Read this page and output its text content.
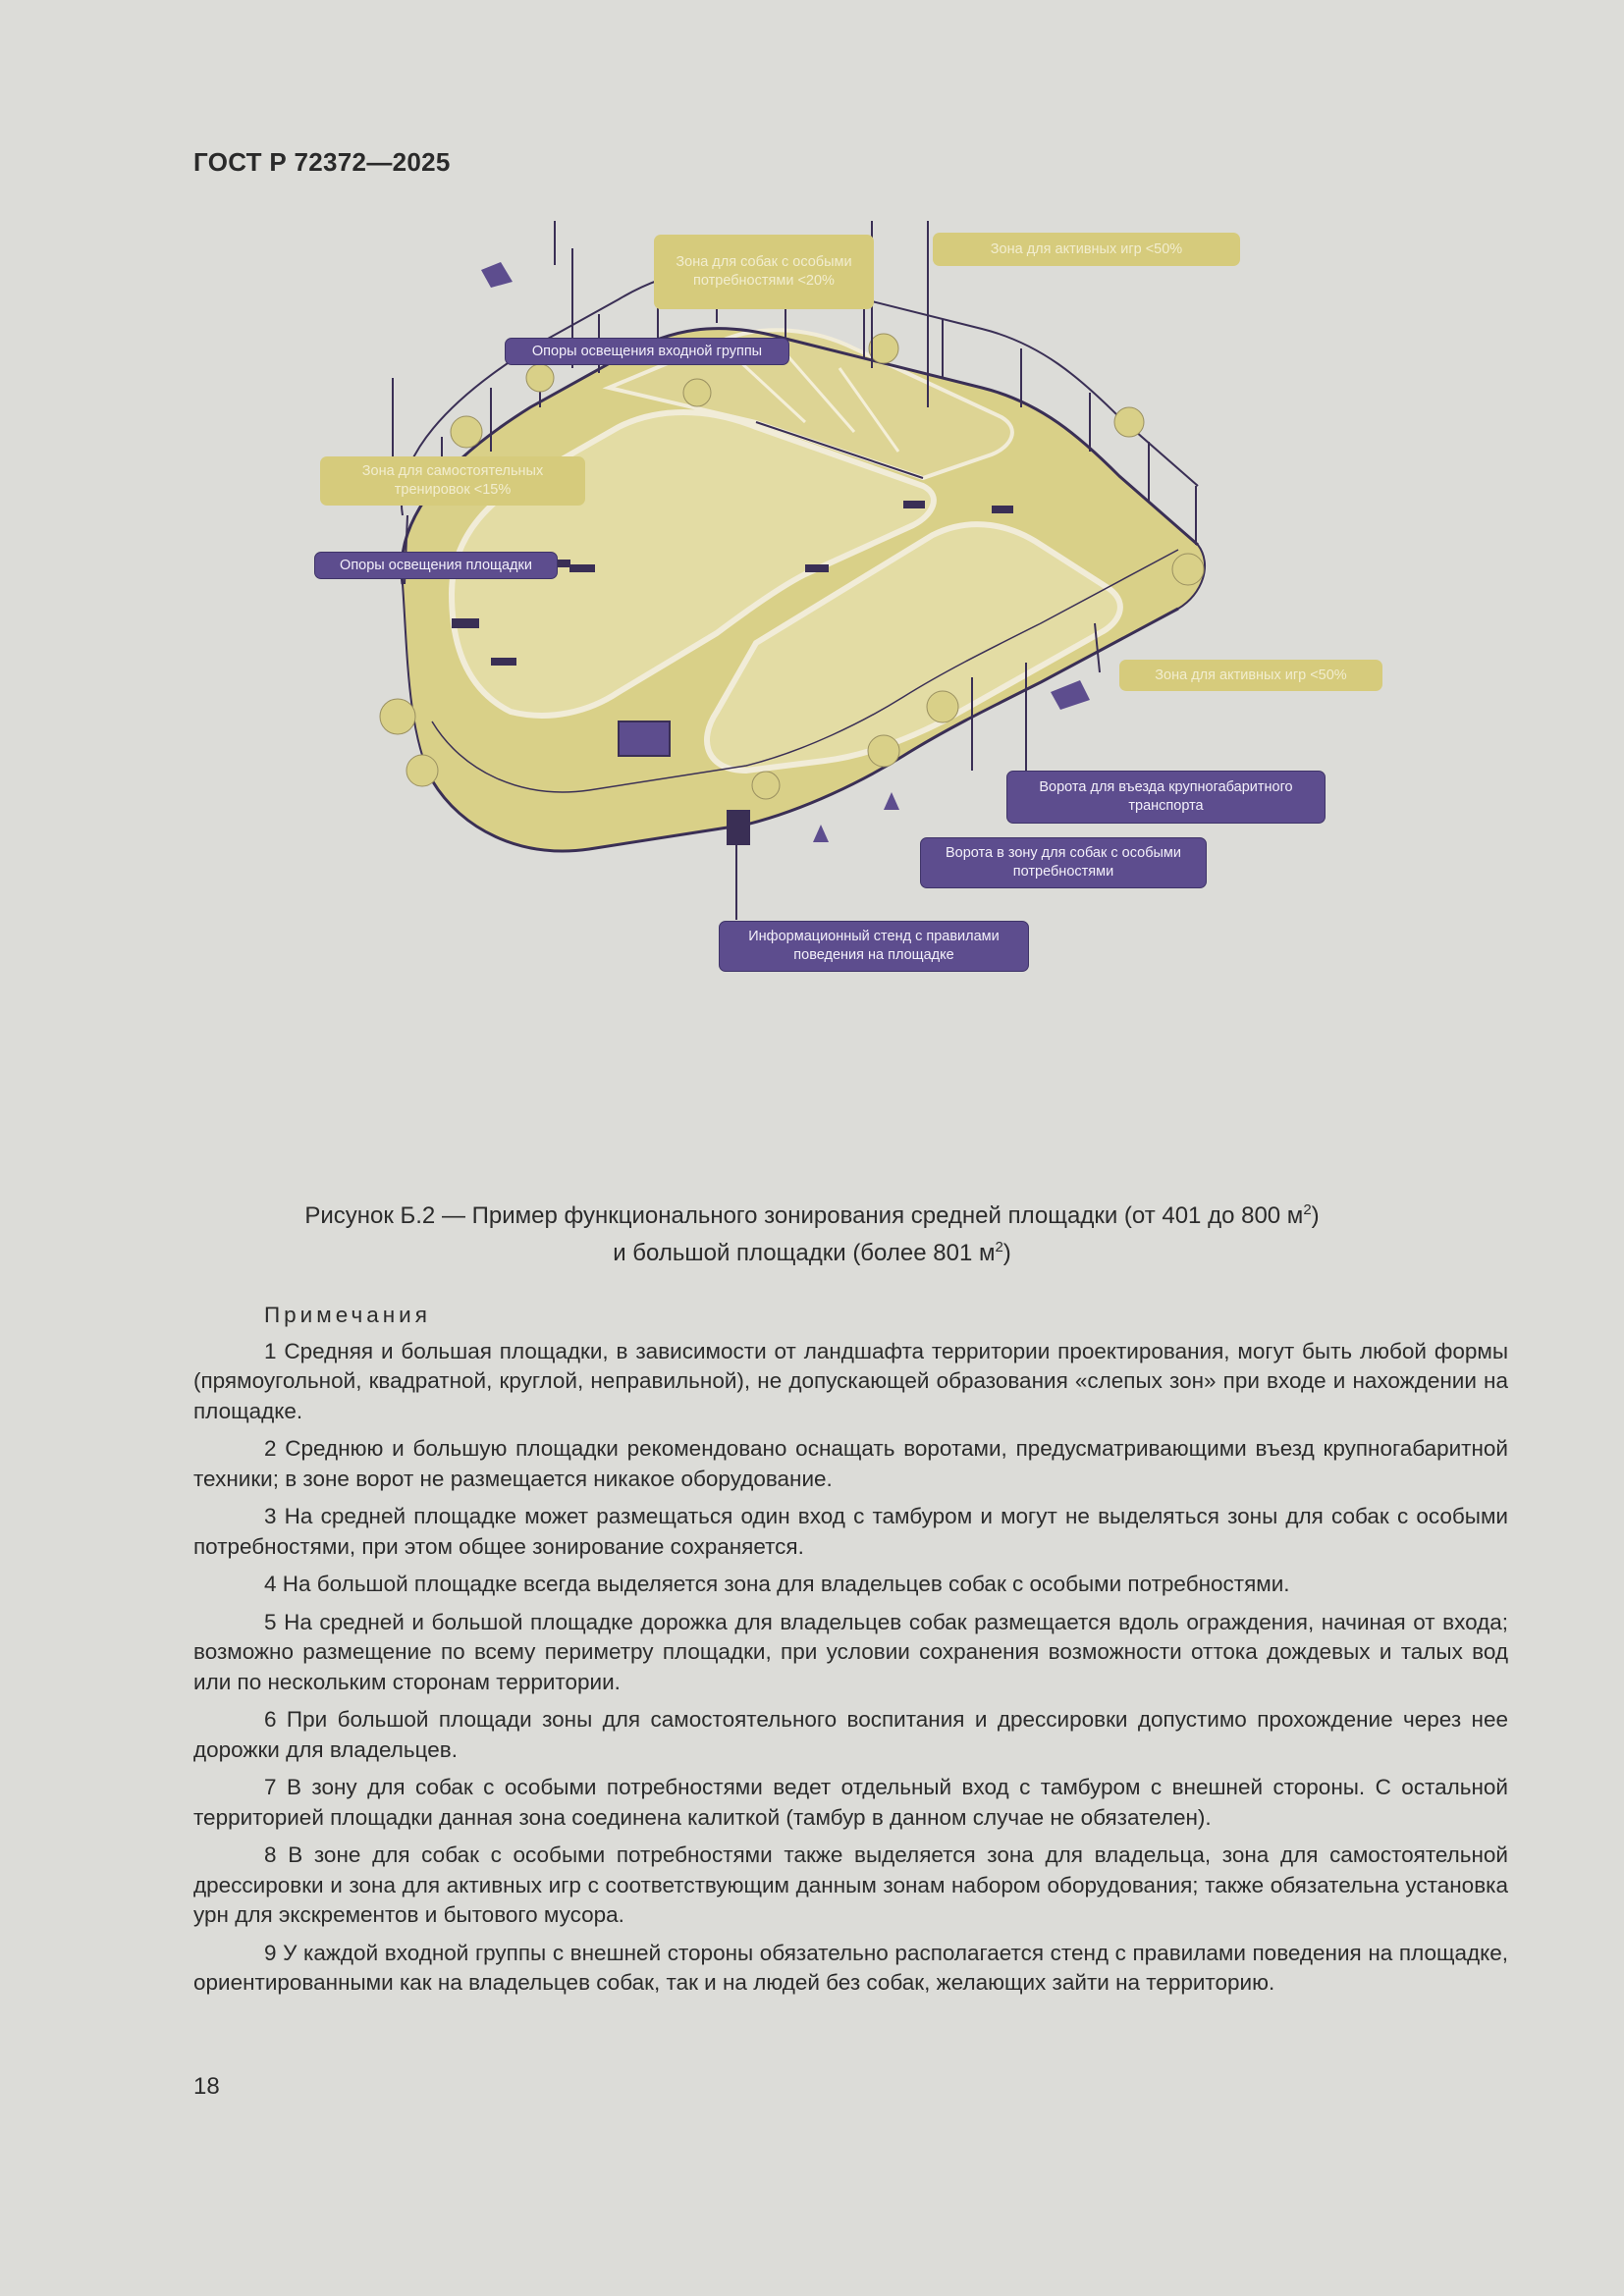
ГОСТ Р 72372—2025
Зона для собак с особыми потребностями <20%
Зона для активных игр <50%
Опоры освещения входной группы
Зона для самостоятельных тренировок <15%
Опоры освещения площадки
Зона для активных игр <50%
Ворота для въезда крупногабаритного транспорта
Ворота в зону для собак с особыми потребностями
Информационный стенд с правилами поведения на площадке
Рисунок Б.2 — Пример функционального зонирования средней площадки (от 401 до 800 $м^2$)
и большой площадки (более 801 $м^2$)
Примечания

1 Средняя и большая площадки, в зависимости от ландшафта территории проектирования, могут быть любой формы (прямоугольной, квадратной, круглой, неправильной), не допускающей образования «слепых зон» при входе и нахождении на площадке.

2 Среднюю и большую площадки рекомендовано оснащать воротами, предусматривающими въезд крупногабаритной техники; в зоне ворот не размещается никакое оборудование.

3 На средней площадке может размещаться один вход с тамбуром и могут не выделяться зоны для собак с особыми потребностями, при этом общее зонирование сохраняется.

4 На большой площадке всегда выделяется зона для владельцев собак с особыми потребностями.

5 На средней и большой площадке дорожка для владельцев собак размещается вдоль ограждения, начиная от входа; возможно размещение по всему периметру площадки, при условии сохранения возможности оттока дождевых и талых вод или по нескольким сторонам территории.

6 При большой площади зоны для самостоятельного воспитания и дрессировки допустимо прохождение через нее дорожки для владельцев.

7 В зону для собак с особыми потребностями ведет отдельный вход с тамбуром с внешней стороны. С остальной территорией площадки данная зона соединена калиткой (тамбур в данном случае не обязателен).

8 В зоне для собак с особыми потребностями также выделяется зона для владельца, зона для самостоятельной дрессировки и зона для активных игр с соответствующим данным зонам набором оборудования; также обязательна установка урн для экскрементов и бытового мусора.

9 У каждой входной группы с внешней стороны обязательно располагается стенд с правилами поведения на площадке, ориентированными как на владельцев собак, так и на людей без собак, желающих зайти на территорию.

18
